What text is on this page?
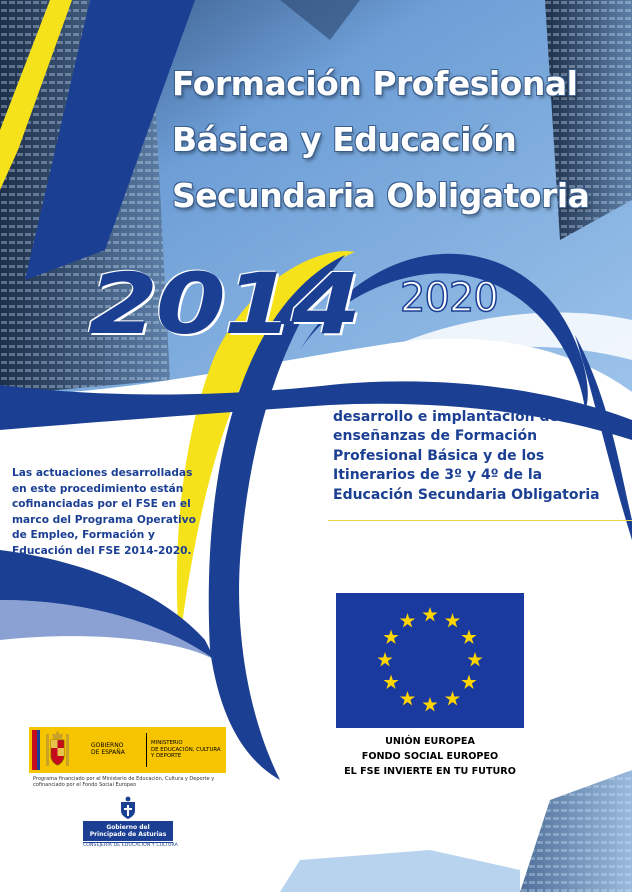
Formación Profesional
Básica y Educación
Secundaria Obligatoria
2014 2020

Procedimiento de
desarrollo e implantación de las
enseñanzas de Formación
Profesional Básica y de los
Itinerarios de 3º y 4º de la
Educación Secundaria Obligatoria

Las actuaciones desarrolladas
en este procedimiento están
cofinanciadas por el FSE en el
marco del Programa Operativo
de Empleo, Formación y
Educación del FSE 2014-2020.

UNIÓN EUROPEA
FONDO SOCIAL EUROPEO
EL FSE INVIERTE EN TU FUTURO
GOBIERNO
DE ESPAÑA
MINISTERIO
DE EDUCACIÓN, CULTURA
Y DEPORTE
Programa financiado por el Ministerio de Educación, Cultura y Deporte y
cofinanciado por el Fondo Social Europeo
Gobierno del
Principado de Asturias
CONSEJERÍA DE EDUCACIÓN Y CULTURA
